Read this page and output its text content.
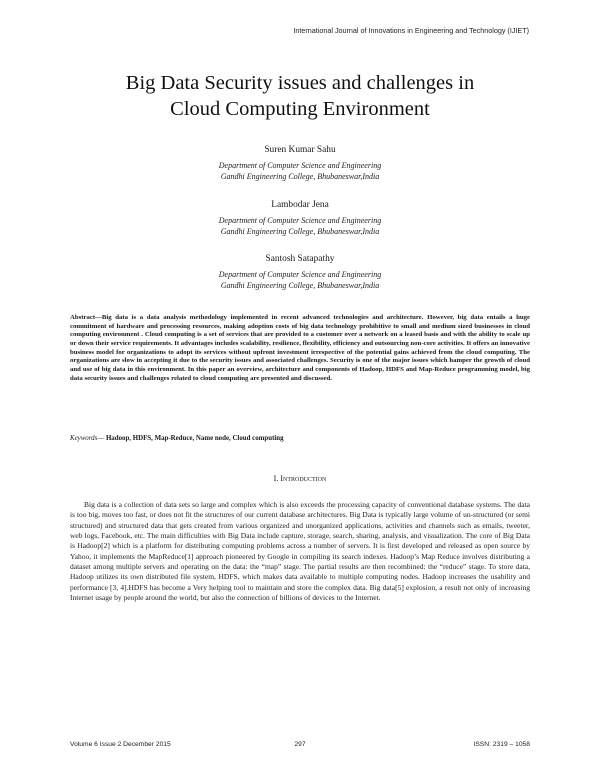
International Journal of Innovations in Engineering and Technology (IJIET)
Big Data Security issues and challenges in
Cloud Computing Environment
Suren Kumar Sahu
Department of Computer Science and Engineering
Gandhi Engineering College, Bhubaneswar,India
Lambodar Jena
Department of Computer Science and Engineering
Gandhi Engineering College, Bhubaneswar,India
Santosh Satapathy
Department of Computer Science and Engineering
Gandhi Engineering College, Bhubaneswar,India

Abstract—Big data is a data analysis methodology implemented in recent advanced technologies and architecture. However, big data entails a huge commitment of hardware and processing resources, making adoption costs of big data technology prohibitive to small and medium sized businesses in cloud computing environment . Cloud computing is a set of services that are provided to a customer over a network on a leased basis and with the ability to scale up or down their service requirements. It advantages includes scalability, resilience, flexibility, efficiency and outsourcing non-core activities. It offers an innovative business model for organizations to adopt its services without upfront investment irrespective of the potential gains achieved from the cloud computing. The organizations are slow in accepting it due to the security issues and associated challenges. Security is one of the major issues which hamper the growth of cloud and use of big data in this environment. In this paper an overview, architecture and components of Hadoop, HDFS and Map-Reduce programming model, big data security issues and challenges related to cloud computing are presented and discussed.

Keywords— Hadoop, HDFS, Map-Reduce, Name node, Cloud computing

I. Introduction

Big data is a collection of data sets so large and complex which is also exceeds the processing capacity of conventional database systems. The data is too big, moves too fast, or does not fit the structures of our current database architectures. Big Data is typically large volume of un-structured (or semi structured) and structured data that gets created from various organized and unorganized applications, activities and channels such as emails, tweeter, web logs, Facebook, etc. The main difficulties with Big Data include capture, storage, search, sharing, analysis, and visualization. The core of Big Data is Hadoop[2] which is a platform for distributing computing problems across a number of servers. It is first developed and released as open source by Yahoo, it implements the MapReduce[1] approach pioneered by Google in compiling its search indexes. Hadoop’s Map Reduce involves distributing a dataset among multiple servers and operating on the data: the “map” stage. The partial results are then recombined: the “reduce” stage. To store data, Hadoop utilizes its own distributed file system, HDFS, which makes data available to multiple computing nodes. Hadoop increases the usability and performance [3, 4].HDFS has become a Very helping tool to maintain and store the complex data. Big data[5] explosion, a result not only of increasing Internet usage by people around the world, but also the connection of billions of devices to the Internet.

Volume 6 Issue 2 December 2015	297	ISSN: 2319 – 1058
